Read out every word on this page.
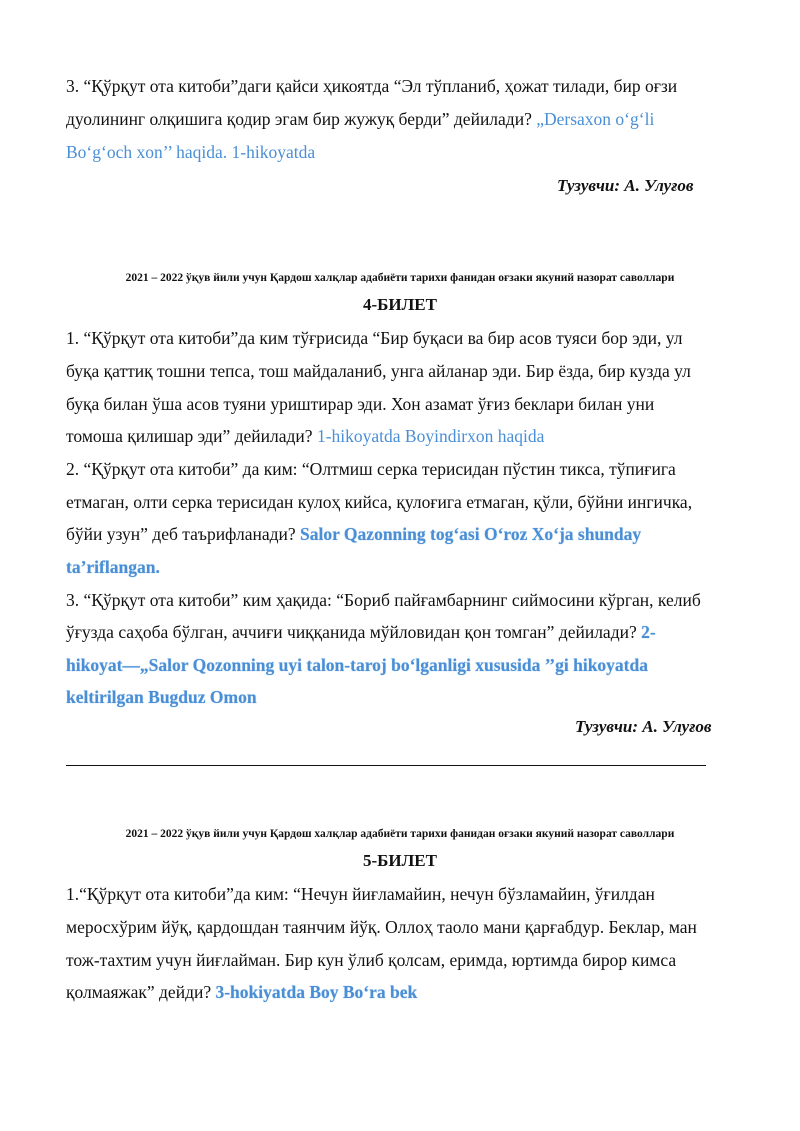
3. “Қўрқут ота китоби”даги қайси ҳикоятда “Эл тўпланиб, ҳожат тилади, бир оғзи
дуолининг олқишига қодир эгам бир жужуқ берди” дейилади? „Dersaxon oʻgʻli
Boʻgʻoch xon’’ haqida. 1-hikoyatda
Тузувчи: А. Улуғов
2021 – 2022 ўқув йили учун Қардош халқлар адабиёти тарихи фанидан оғзаки якуний назорат саволлари
4-БИЛЕТ
1. “Қўрқут ота китоби”да ким тўғрисида “Бир буқаси ва бир асов туяси бор эди, ул
буқа қаттиқ тошни тепса, тош майдаланиб, унга айланар эди. Бир ёзда, бир кузда ул
буқа билан ўша асов туяни уриштирар эди. Хон азамат ўғиз беклари билан уни
томоша қилишар эди” дейилади? 1-hikoyatda Boyindirxon haqida
2. “Қўрқут ота китоби” да ким: “Олтмиш серка терисидан пўстин тикса, тўпиғига
етмаган, олти серка терисидан кулоҳ кийса, қулоғига етмаган, қўли, бўйни ингичка,
бўйи узун” деб таърифланади? Salor Qazonning togʻasi Oʻroz Xoʻja shunday
ta’riflangan.
3. “Қўрқут ота китоби” ким ҳақида: “Бориб пайғамбарнинг сиймосини кўрган, келиб
ўғузда саҳоба бўлган, аччиғи чиққанида мўйловидан қон томган” дейилади? 2-
hikoyat—„Salor Qozonning uyi talon-taroj boʻlganligi xususida ’’gi hikoyatda
keltirilgan Bugduz Omon
Тузувчи: А. Улуғов
2021 – 2022 ўқув йили учун Қардош халқлар адабиёти тарихи фанидан оғзаки якуний назорат саволлари
5-БИЛЕТ
1.“Қўрқут ота китоби”да ким: “Нечун йиғламайин, нечун бўзламайин, ўғилдан
меросхўрим йўқ, қардошдан таянчим йўқ. Оллоҳ таоло мани қарғабдур. Беклар, ман
тож-тахтим учун йиғлайман. Бир кун ўлиб қолсам, еримда, юртимда бирор кимса
қолмаяжак” дейди? 3-hokiyatda Boy Boʻra bek
